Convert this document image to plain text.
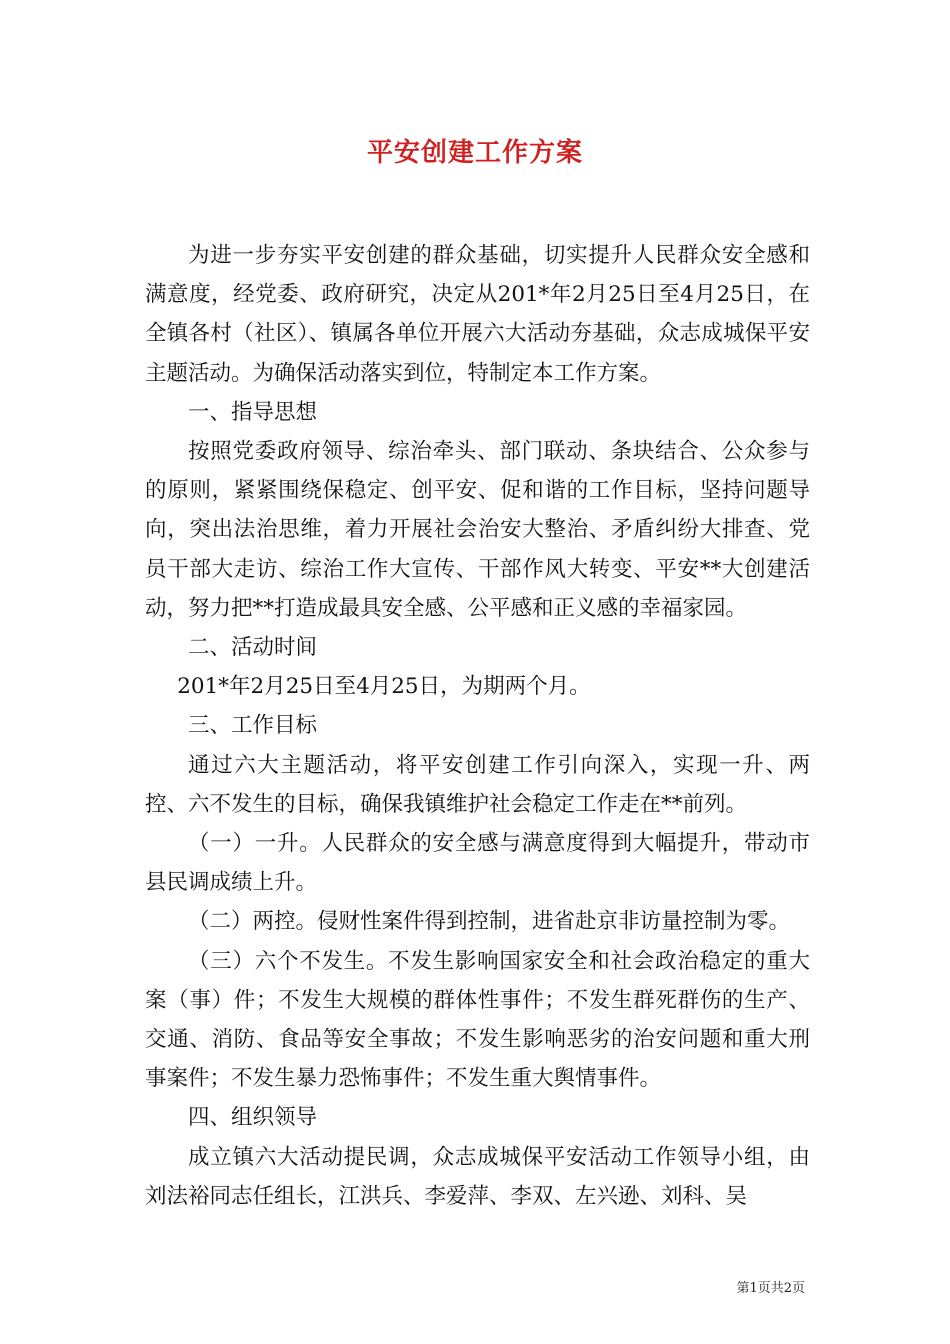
平安创建工作方案

为进一步夯实平安创建的群众基础，切实提升人民群众安全感和满意度，经党委、政府研究，决定从201*年2月25日至4月25日，在全镇各村（社区）、镇属各单位开展六大活动夯基础，众志成城保平安主题活动。为确保活动落实到位，特制定本工作方案。

一、指导思想

按照党委政府领导、综治牵头、部门联动、条块结合、公众参与的原则，紧紧围绕保稳定、创平安、促和谐的工作目标，坚持问题导向，突出法治思维，着力开展社会治安大整治、矛盾纠纷大排查、党员干部大走访、综治工作大宣传、干部作风大转变、平安**大创建活动，努力把**打造成最具安全感、公平感和正义感的幸福家园。

二、活动时间

201*年2月25日至4月25日，为期两个月。

三、工作目标

通过六大主题活动，将平安创建工作引向深入，实现一升、两控、六不发生的目标，确保我镇维护社会稳定工作走在**前列。

（一）一升。人民群众的安全感与满意度得到大幅提升，带动市县民调成绩上升。

（二）两控。侵财性案件得到控制，进省赴京非访量控制为零。

（三）六个不发生。不发生影响国家安全和社会政治稳定的重大案（事）件；不发生大规模的群体性事件；不发生群死群伤的生产、交通、消防、食品等安全事故；不发生影响恶劣的治安问题和重大刑事案件；不发生暴力恐怖事件；不发生重大舆情事件。

四、组织领导

成立镇六大活动提民调，众志成城保平安活动工作领导小组，由刘法裕同志任组长，江洪兵、李爱萍、李双、左兴逊、刘科、吴

第1页共2页
